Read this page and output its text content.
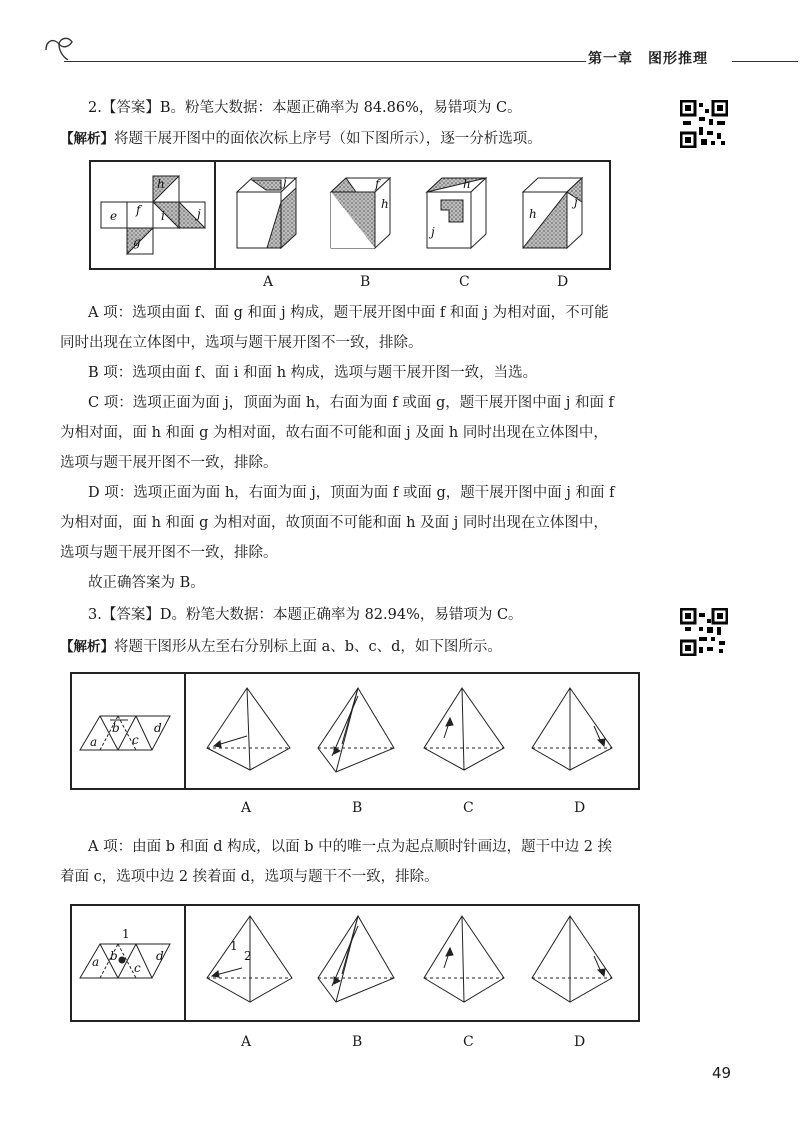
第一章　图形推理
2.【答案】B。粉笔大数据：本题正确率为 84.86%，易错项为 C。
【解析】将题干展开图中的面依次标上序号（如下图所示），逐一分析选项。
e f
h
i	j
g
j	f
h
h
j
j
h
A	B	C	D
A 项：选项由面 f、面 g 和面 j 构成，题干展开图中面 f 和面 j 为相对面，不可能
同时出现在立体图中，选项与题干展开图不一致，排除。
B 项：选项由面 f、面 i 和面 h 构成，选项与题干展开图一致，当选。
C 项：选项正面为面 j，顶面为面 h，右面为面 f 或面 g，题干展开图中面 j 和面 f
为相对面，面 h 和面 g 为相对面，故右面不可能和面 j 及面 h 同时出现在立体图中，
选项与题干展开图不一致，排除。
D 项：选项正面为面 h，右面为面 j，顶面为面 f 或面 g，题干展开图中面 j 和面 f
为相对面，面 h 和面 g 为相对面，故顶面不可能和面 h 及面 j 同时出现在立体图中，
选项与题干展开图不一致，排除。
故正确答案为 B。
3.【答案】D。粉笔大数据：本题正确率为 82.94%，易错项为 C。
【解析】将题干图形从左至右分别标上面 a、b、c、d，如下图所示。
a
b
c
d
A	B	C	D
A 项：由面 b 和面 d 构成，以面 b 中的唯一点为起点顺时针画边，题干中边 2 挨
着面 c，选项中边 2 挨着面 d，选项与题干不一致，排除。
1
a b
c
d
1
2
A	B	C	D
49
